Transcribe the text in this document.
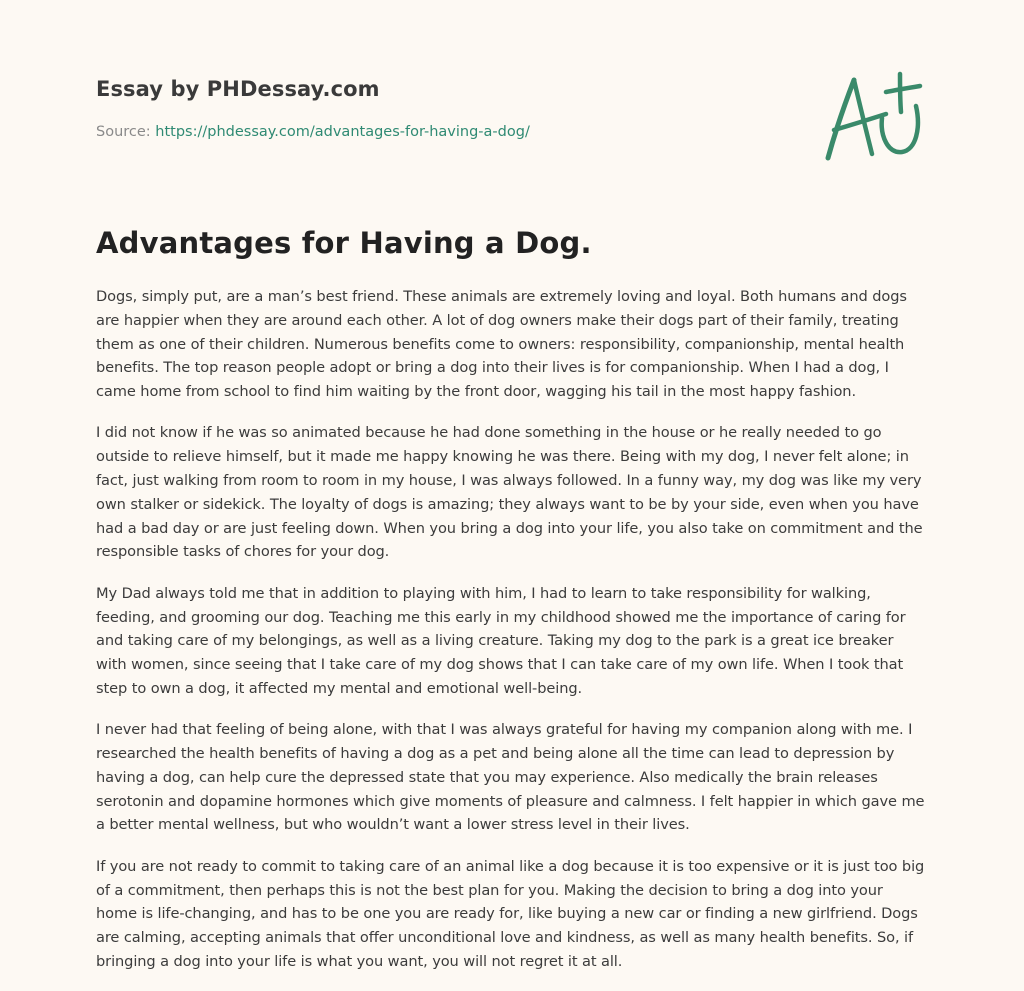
Essay by PHDessay.com
Source: https://phdessay.com/advantages-for-having-a-dog/
Advantages for Having a Dog.

Dogs, simply put, are a man’s best friend. These animals are extremely loving and loyal. Both humans and dogs are happier when they are around each other. A lot of dog owners make their dogs part of their family, treating them as one of their children. Numerous benefits come to owners: responsibility, companionship, mental health benefits. The top reason people adopt or bring a dog into their lives is for companionship. When I had a dog, I came home from school to find him waiting by the front door, wagging his tail in the most happy fashion.

I did not know if he was so animated because he had done something in the house or he really needed to go outside to relieve himself, but it made me happy knowing he was there. Being with my dog, I never felt alone; in fact, just walking from room to room in my house, I was always followed. In a funny way, my dog was like my very own stalker or sidekick. The loyalty of dogs is amazing; they always want to be by your side, even when you have had a bad day or are just feeling down. When you bring a dog into your life, you also take on commitment and the responsible tasks of chores for your dog.

My Dad always told me that in addition to playing with him, I had to learn to take responsibility for walking, feeding, and grooming our dog. Teaching me this early in my childhood showed me the importance of caring for and taking care of my belongings, as well as a living creature. Taking my dog to the park is a great ice breaker with women, since seeing that I take care of my dog shows that I can take care of my own life. When I took that step to own a dog, it affected my mental and emotional well-being.

I never had that feeling of being alone, with that I was always grateful for having my companion along with me. I researched the health benefits of having a dog as a pet and being alone all the time can lead to depression by having a dog, can help cure the depressed state that you may experience. Also medically the brain releases serotonin and dopamine hormones which give moments of pleasure and calmness. I felt happier in which gave me a better mental wellness, but who wouldn’t want a lower stress level in their lives.

If you are not ready to commit to taking care of an animal like a dog because it is too expensive or it is just too big of a commitment, then perhaps this is not the best plan for you. Making the decision to bring a dog into your home is life-changing, and has to be one you are ready for, like buying a new car or finding a new girlfriend. Dogs are calming, accepting animals that offer unconditional love and kindness, as well as many health benefits. So, if bringing a dog into your life is what you want, you will not regret it at all.
